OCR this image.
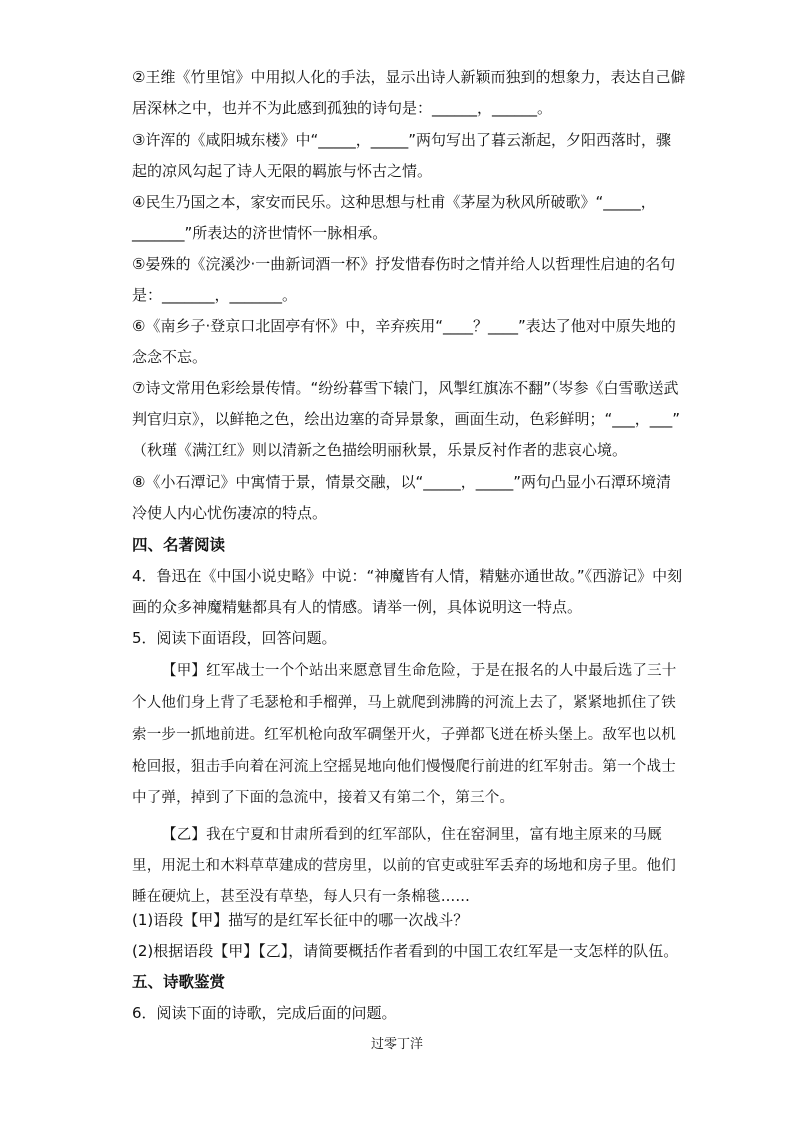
②王维《竹里馆》中用拟人化的手法，显示出诗人新颖而独到的想象力，表达自己僻
居深林之中，也并不为此感到孤独的诗句是：______，______。
③许浑的《咸阳城东楼》中“_____，_____”两句写出了暮云渐起，夕阳西落时，骤
起的凉风勾起了诗人无限的羁旅与怀古之情。
④民生乃国之本，家安而民乐。这种思想与杜甫《茅屋为秋风所破歌》“_____，
_______”所表达的济世情怀一脉相承。
⑤晏殊的《浣溪沙·一曲新词酒一杯》抒发惜春伤时之情并给人以哲理性启迪的名句
是：_______，_______。
⑥《南乡子·登京口北固亭有怀》中，辛弃疾用“____？____”表达了他对中原失地的
念念不忘。
⑦诗文常用色彩绘景传情。“纷纷暮雪下辕门，风掣红旗冻不翻”（岑参《白雪歌送武
判官归京》，以鲜艳之色，绘出边塞的奇异景象，画面生动，色彩鲜明；“___，___”
（秋瑾《满江红》则以清新之色描绘明丽秋景，乐景反衬作者的悲哀心境。
⑧《小石潭记》中寓情于景，情景交融，以“_____，_____”两句凸显小石潭环境清
冷使人内心忧伤凄凉的特点。
四、名著阅读
4．鲁迅在《中国小说史略》中说：“神魔皆有人情，精魅亦通世故。”《西游记》中刻
画的众多神魔精魅都具有人的情感。请举一例，具体说明这一特点。
5．阅读下面语段，回答问题。
【甲】红军战士一个个站出来愿意冒生命危险，于是在报名的人中最后选了三十
个人他们身上背了毛瑟枪和手榴弹，马上就爬到沸腾的河流上去了，紧紧地抓住了铁
索一步一抓地前进。红军机枪向敌军碉堡开火，子弹都飞迸在桥头堡上。敌军也以机
枪回报，狙击手向着在河流上空摇晃地向他们慢慢爬行前进的红军射击。第一个战士
中了弹，掉到了下面的急流中，接着又有第二个，第三个。
【乙】我在宁夏和甘肃所看到的红军部队，住在窑洞里，富有地主原来的马厩
里，用泥土和木料草草建成的营房里，以前的官吏或驻军丢弃的场地和房子里。他们
睡在硬炕上，甚至没有草垫，每人只有一条棉毯……
(1)语段【甲】描写的是红军长征中的哪一次战斗？
(2)根据语段【甲】【乙】，请简要概括作者看到的中国工农红军是一支怎样的队伍。
五、诗歌鉴赏
6．阅读下面的诗歌，完成后面的问题。
过零丁洋
